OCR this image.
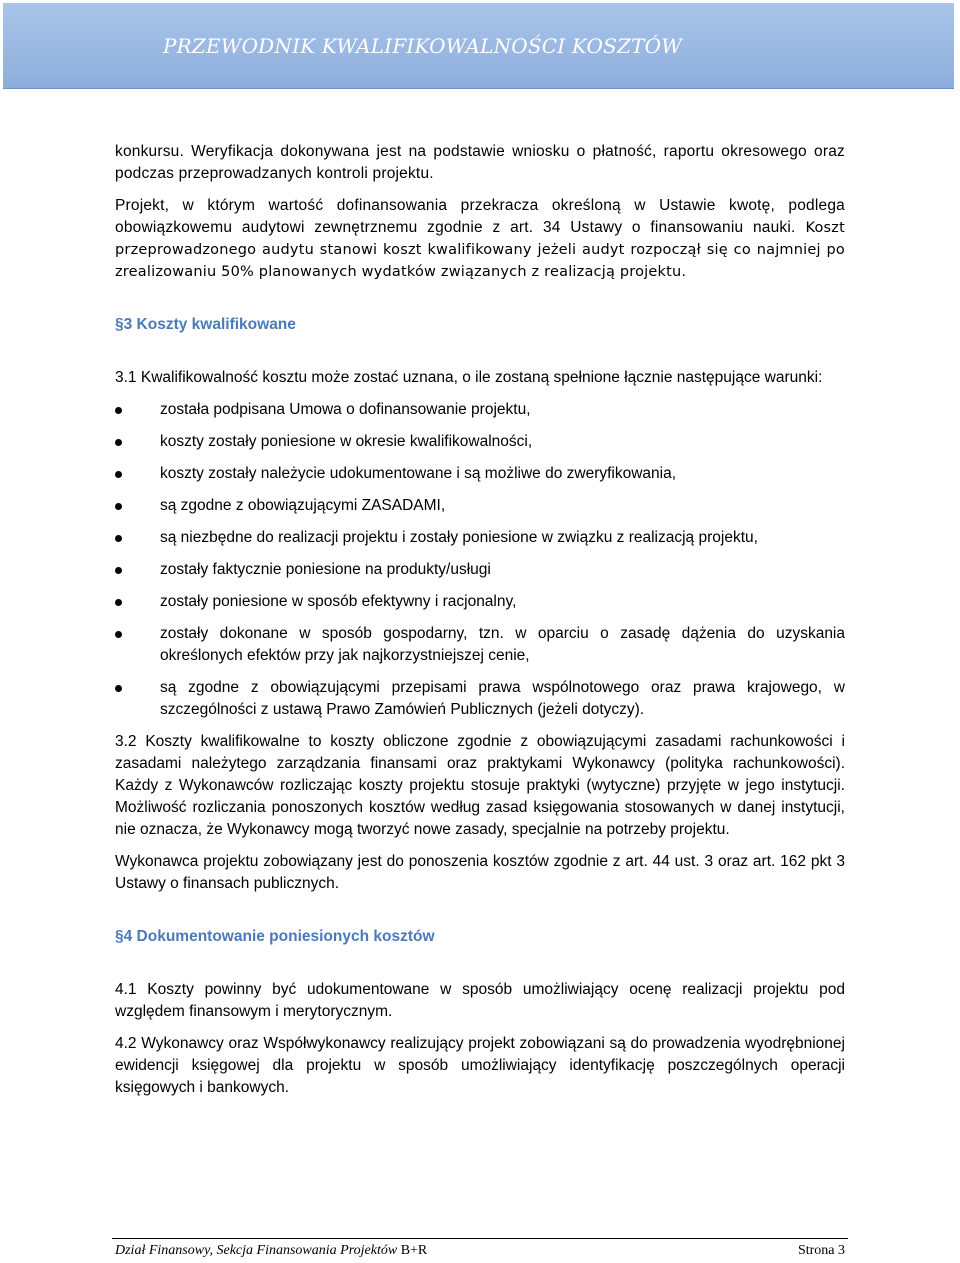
PRZEWODNIK KWALIFIKOWALNOŚCI KOSZTÓW

konkursu. Weryfikacja dokonywana jest na podstawie wniosku o płatność, raportu okresowego oraz podczas przeprowadzanych kontroli projektu.

Projekt, w którym wartość dofinansowania przekracza określoną w Ustawie kwotę, podlega obowiązkowemu audytowi zewnętrznemu zgodnie z art. 34 Ustawy o finansowaniu nauki. Koszt przeprowadzonego audytu stanowi koszt kwalifikowany jeżeli audyt rozpoczął się co najmniej po zrealizowaniu 50% planowanych wydatków związanych z realizacją projektu.

§3 Koszty kwalifikowane

3.1 Kwalifikowalność kosztu może zostać uznana, o ile zostaną spełnione łącznie następujące warunki:

została podpisana Umowa o dofinansowanie projektu,
koszty zostały poniesione w okresie kwalifikowalności,
koszty zostały należycie udokumentowane i są możliwe do zweryfikowania,
są zgodne z obowiązującymi ZASADAMI,
są niezbędne do realizacji projektu i zostały poniesione w związku z realizacją projektu,
zostały faktycznie poniesione na produkty/usługi
zostały poniesione w sposób efektywny i racjonalny,
zostały dokonane w sposób gospodarny, tzn. w oparciu o zasadę dążenia do uzyskania określonych efektów przy jak najkorzystniejszej cenie,
są zgodne z obowiązującymi przepisami prawa wspólnotowego oraz prawa krajowego, w szczególności z ustawą Prawo Zamówień Publicznych (jeżeli dotyczy).

3.2 Koszty kwalifikowalne to koszty obliczone zgodnie z obowiązującymi zasadami rachunkowości i zasadami należytego zarządzania finansami oraz praktykami Wykonawcy (polityka rachunkowości). Każdy z Wykonawców rozliczając koszty projektu stosuje praktyki (wytyczne) przyjęte w jego instytucji. Możliwość rozliczania ponoszonych kosztów według zasad księgowania stosowanych w danej instytucji, nie oznacza, że Wykonawcy mogą tworzyć nowe zasady, specjalnie na potrzeby projektu.

Wykonawca projektu zobowiązany jest do ponoszenia kosztów zgodnie z art. 44 ust. 3 oraz art. 162 pkt 3 Ustawy o finansach publicznych.

§4 Dokumentowanie poniesionych kosztów

4.1 Koszty powinny być udokumentowane w sposób umożliwiający ocenę realizacji projektu pod względem finansowym i merytorycznym.

4.2 Wykonawcy oraz Współwykonawcy realizujący projekt zobowiązani są do prowadzenia wyodrębnionej ewidencji księgowej dla projektu w sposób umożliwiający identyfikację poszczególnych operacji księgowych i bankowych.

Dział Finansowy, Sekcja Finansowania Projektów B+R	Strona 3
